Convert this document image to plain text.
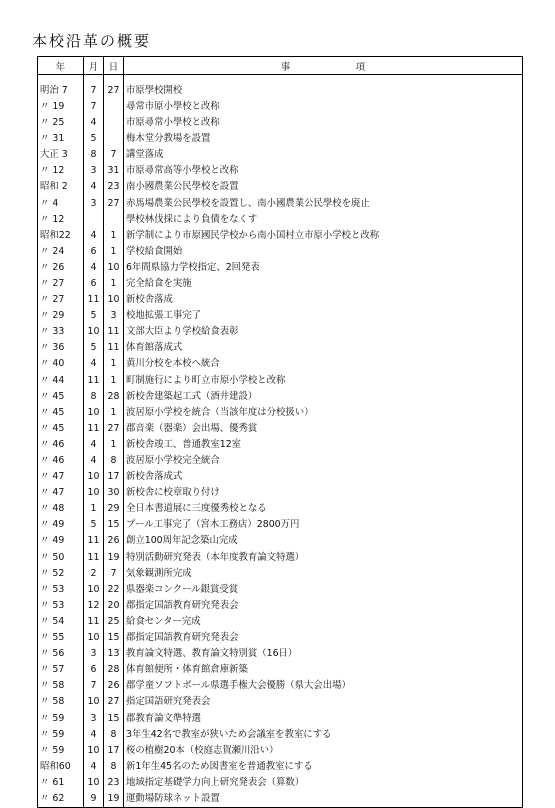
本校沿革の概要
年	月	日	事　　　　　　　項

明治 7	7	27	市原學校開校
〃 19	7		尋常市原小學校と改称
〃 25	4		市原尋常小學校と改称
〃 31	5		梅木堂分教場を設置
大正 3	8	7	講堂落成
〃 12	3	31	市原尋常高等小學校と改称
昭和 2	4	23	南小國農業公民學校を設置
〃 4	3	27	赤馬場農業公民學校を設置し、南小國農業公民學校を廃止
〃 12			學校林伐採により負債をなくす
昭和22	4	1	新学制により市原國民学校から南小国村立市原小学校と改称
〃 24	6	1	学校給食開始
〃 26	4	10	6年間県協力学校指定、2回発表
〃 27	6	1	完全給食を実施
〃 27	11	10	新校舎落成
〃 29	5	3	校地拡張工事完了
〃 33	10	11	文部大臣より学校給食表彰
〃 36	5	11	体育館落成式
〃 40	4	1	黄川分校を本校へ統合
〃 44	11	1	町制施行により町立市原小学校と改称
〃 45	8	28	新校舎建築起工式（酒井建設）
〃 45	10	1	波居原小学校を統合（当該年度は分校扱い）
〃 45	11	27	郡音楽（器楽）会出場、優秀賞
〃 46	4	1	新校舎竣工、普通教室12室
〃 46	4	8	波居原小学校完全統合
〃 47	10	17	新校舎落成式
〃 47	10	30	新校舎に校章取り付け
〃 48	1	29	全日本書道展に三度優秀校となる
〃 49	5	15	プール工事完了（宮木工務店）2800万円
〃 49	11	26	創立100周年記念築山完成
〃 50	11	19	特別活動研究発表（本年度教育論文特選）
〃 52	2	7	気象観測所完成
〃 53	10	22	県器楽コンクール銀賞受賞
〃 53	12	20	郡指定国語教育研究発表会
〃 54	11	25	給食センター完成
〃 55	10	15	郡指定国語教育研究発表会
〃 56	3	13	教育論文特選、教育論文特別賞（16日）
〃 57	6	28	体育館便所・体育館倉庫新築
〃 58	7	26	郡学童ソフトボール県選手権大会優勝（県大会出場）
〃 58	10	27	指定国語研究発表会
〃 59	3	15	郡教育論文準特選
〃 59	4	8	3年生42名で教室が狭いため会議室を教室にする
〃 59	10	17	桜の植樹20本（校庭志賀瀬川沿い）
昭和60	4	8	新1年生45名のため図書室を普通教室にする
〃 61	10	23	地域指定基礎学力向上研究発表会（算数）
〃 62	9	19	運動場防球ネット設置
